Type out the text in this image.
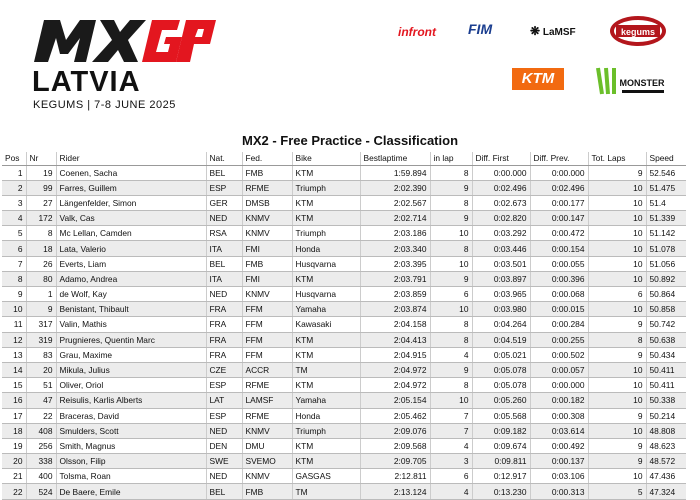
LATVIA
KEGUMS | 7-8 JUNE 2025
infront FIM	❋ LaMSF	kegums
KTM	MONSTER
MX2 - Free Practice - Classification
Pos	Nr	Rider	Nat.	Fed.	Bike	Bestlaptime	in lap	Diff. First	Diff. Prev.	Tot. Laps	Speed
1	19	Coenen, Sacha	BEL	FMB	KTM	1:59.894	8	0:00.000	0:00.000	9	52.546
2	99	Farres, Guillem	ESP	RFME	Triumph	2:02.390	9	0:02.496	0:02.496	10	51.475
3	27	Längenfelder, Simon	GER	DMSB	KTM	2:02.567	8	0:02.673	0:00.177	10	51.4
4	172	Valk, Cas	NED	KNMV	KTM	2:02.714	9	0:02.820	0:00.147	10	51.339
5	8	Mc Lellan, Camden	RSA	KNMV	Triumph	2:03.186	10	0:03.292	0:00.472	10	51.142
6	18	Lata, Valerio	ITA	FMI	Honda	2:03.340	8	0:03.446	0:00.154	10	51.078
7	26	Everts, Liam	BEL	FMB	Husqvarna	2:03.395	10	0:03.501	0:00.055	10	51.056
8	80	Adamo, Andrea	ITA	FMI	KTM	2:03.791	9	0:03.897	0:00.396	10	50.892
9	1	de Wolf, Kay	NED	KNMV	Husqvarna	2:03.859	6	0:03.965	0:00.068	6	50.864
10	9	Benistant, Thibault	FRA	FFM	Yamaha	2:03.874	10	0:03.980	0:00.015	10	50.858
11	317	Valin, Mathis	FRA	FFM	Kawasaki	2:04.158	8	0:04.264	0:00.284	9	50.742
12	319	Prugnieres, Quentin Marc	FRA	FFM	KTM	2:04.413	8	0:04.519	0:00.255	8	50.638
13	83	Grau, Maxime	FRA	FFM	KTM	2:04.915	4	0:05.021	0:00.502	9	50.434
14	20	Mikula, Julius	CZE	ACCR	TM	2:04.972	9	0:05.078	0:00.057	10	50.411
15	51	Oliver, Oriol	ESP	RFME	KTM	2:04.972	8	0:05.078	0:00.000	10	50.411
16	47	Reisulis, Karlis Alberts	LAT	LAMSF	Yamaha	2:05.154	10	0:05.260	0:00.182	10	50.338
17	22	Braceras, David	ESP	RFME	Honda	2:05.462	7	0:05.568	0:00.308	9	50.214
18	408	Smulders, Scott	NED	KNMV	Triumph	2:09.076	7	0:09.182	0:03.614	10	48.808
19	256	Smith, Magnus	DEN	DMU	KTM	2:09.568	4	0:09.674	0:00.492	9	48.623
20	338	Olsson, Filip	SWE	SVEMO	KTM	2:09.705	3	0:09.811	0:00.137	9	48.572
21	400	Tolsma, Roan	NED	KNMV	GASGAS	2:12.811	6	0:12.917	0:03.106	10	47.436
22	524	De Baere, Emile	BEL	FMB	TM	2:13.124	4	0:13.230	0:00.313	5	47.324
